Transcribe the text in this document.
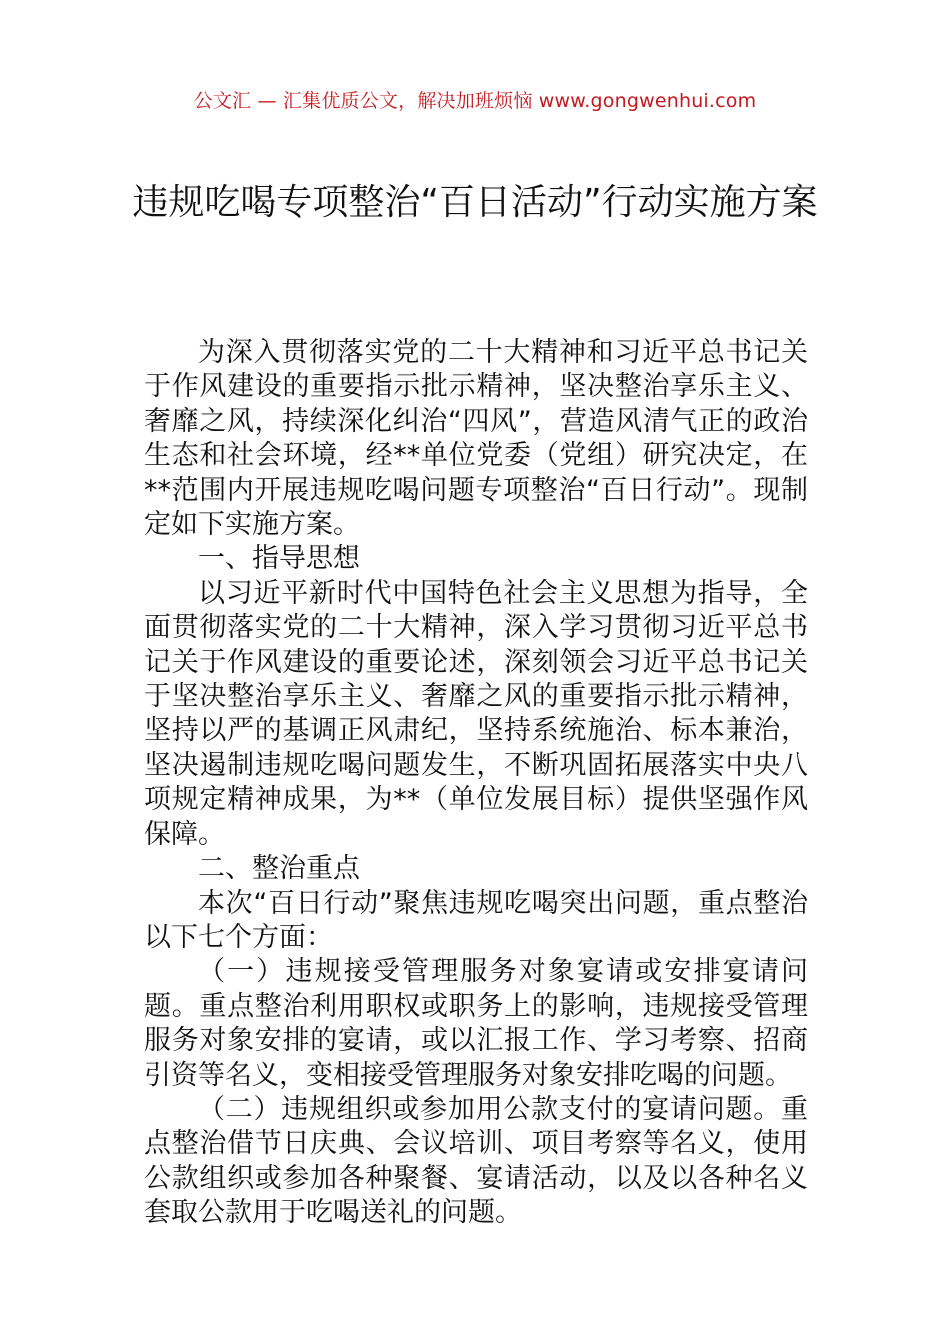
公文汇 — 汇集优质公文，解决加班烦恼 www.gongwenhui.com
违规吃喝专项整治“百日活动”行动实施方案

为深入贯彻落实党的二十大精神和习近平总书记关于作风建设的重要指示批示精神，坚决整治享乐主义、奢靡之风，持续深化纠治“四风”，营造风清气正的政治生态和社会环境，经**单位党委（党组）研究决定，在**范围内开展违规吃喝问题专项整治“百日行动”。现制定如下实施方案。

一、指导思想

以习近平新时代中国特色社会主义思想为指导，全面贯彻落实党的二十大精神，深入学习贯彻习近平总书记关于作风建设的重要论述，深刻领会习近平总书记关于坚决整治享乐主义、奢靡之风的重要指示批示精神，坚持以严的基调正风肃纪，坚持系统施治、标本兼治，坚决遏制违规吃喝问题发生，不断巩固拓展落实中央八项规定精神成果，为**（单位发展目标）提供坚强作风保障。

二、整治重点

本次“百日行动”聚焦违规吃喝突出问题，重点整治以下七个方面：

（一）违规接受管理服务对象宴请或安排宴请问题。重点整治利用职权或职务上的影响，违规接受管理服务对象安排的宴请，或以汇报工作、学习考察、招商引资等名义，变相接受管理服务对象安排吃喝的问题。

（二）违规组织或参加用公款支付的宴请问题。重点整治借节日庆典、会议培训、项目考察等名义，使用公款组织或参加各种聚餐、宴请活动，以及以各种名义套取公款用于吃喝送礼的问题。
